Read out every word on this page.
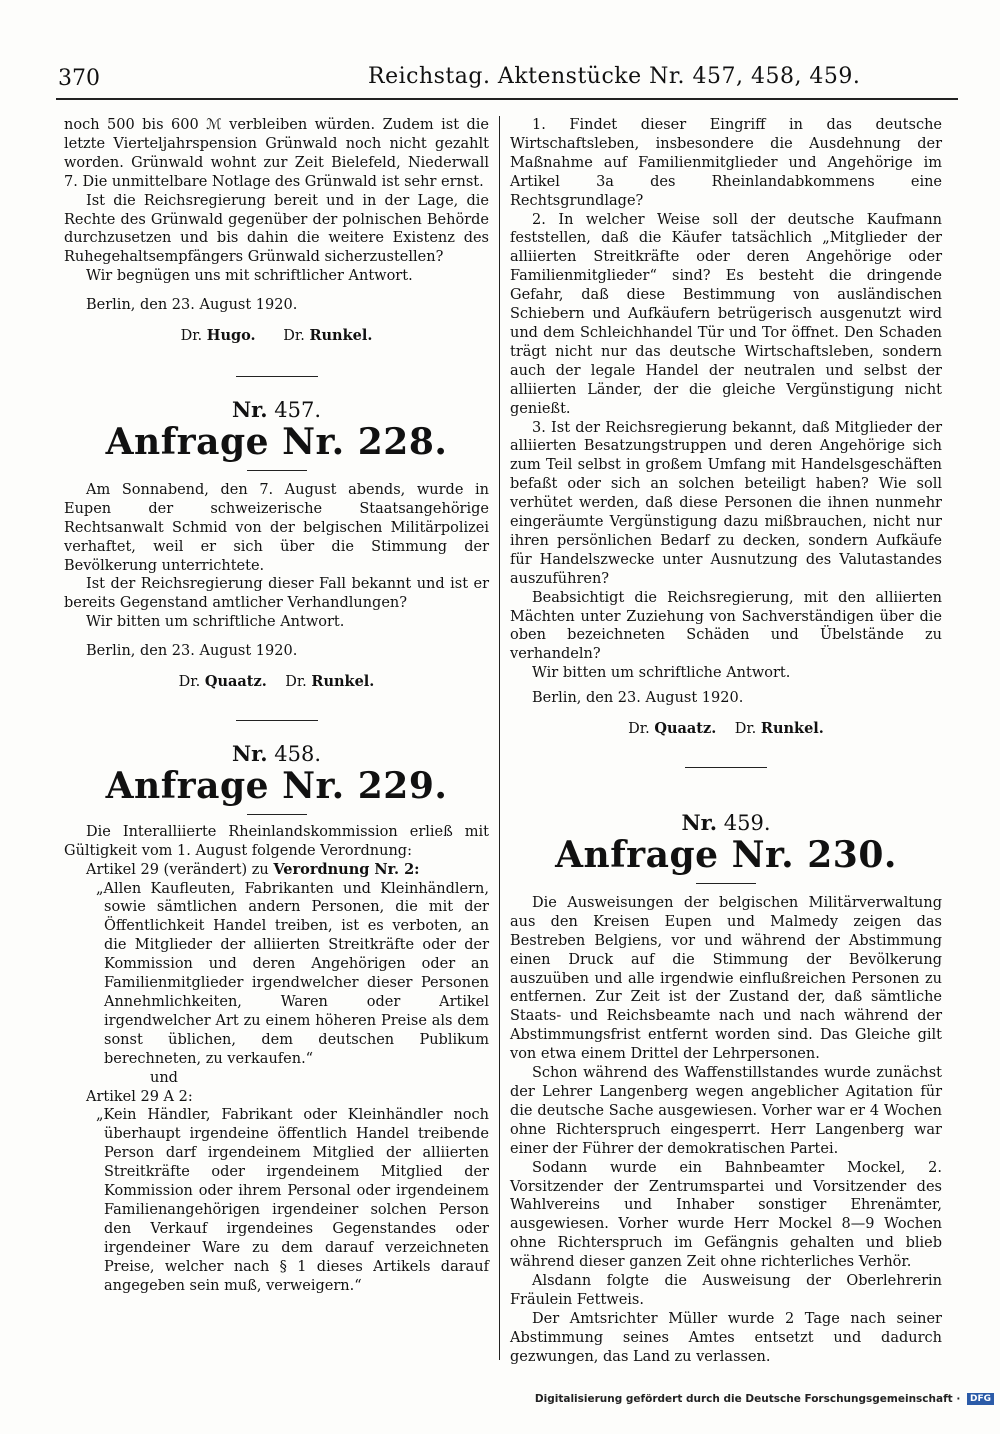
370	Reichstag. Aktenstücke Nr. 457, 458, 459.

noch 500 bis 600 ℳ verbleiben würden. Zudem ist die letzte Vierteljahrspension Grünwald noch nicht gezahlt worden. Grünwald wohnt zur Zeit Bielefeld, Niederwall 7. Die unmittelbare Notlage des Grünwald ist sehr ernst.

Ist die Reichsregierung bereit und in der Lage, die Rechte des Grünwald gegenüber der polnischen Behörde durchzusetzen und bis dahin die weitere Existenz des Ruhegehaltsempfängers Grünwald sicherzustellen?

Wir begnügen uns mit schriftlicher Antwort.

Berlin, den 23. August 1920.

Dr. Hugo. Dr. Runkel.

Nr. 457.

Anfrage Nr. 228.

Am Sonnabend, den 7. August abends, wurde in Eupen der schweizerische Staatsangehörige Rechtsanwalt Schmid von der belgischen Militärpolizei verhaftet, weil er sich über die Stimmung der Bevölkerung unterrichtete.

Ist der Reichsregierung dieser Fall bekannt und ist er bereits Gegenstand amtlicher Verhandlungen?

Wir bitten um schriftliche Antwort.

Berlin, den 23. August 1920.

Dr. Quaatz. Dr. Runkel.

Nr. 458.

Anfrage Nr. 229.

Die Interalliierte Rheinlandskommission erließ mit Gültigkeit vom 1. August folgende Verordnung:

Artikel 29 (verändert) zu Verordnung Nr. 2:

„Allen Kaufleuten, Fabrikanten und Kleinhändlern, sowie sämtlichen andern Personen, die mit der Öffentlichkeit Handel treiben, ist es verboten, an die Mitglieder der alliierten Streitkräfte oder der Kommission und deren Angehörigen oder an Familienmitglieder irgendwelcher dieser Personen Annehmlichkeiten, Waren oder Artikel irgendwelcher Art zu einem höheren Preise als dem sonst üblichen, dem deutschen Publikum berechneten, zu verkaufen.“

und

Artikel 29 A 2:

„Kein Händler, Fabrikant oder Kleinhändler noch überhaupt irgendeine öffentlich Handel treibende Person darf irgendeinem Mitglied der alliierten Streitkräfte oder irgendeinem Mitglied der Kommission oder ihrem Personal oder irgendeinem Familienangehörigen irgendeiner solchen Person den Verkauf irgendeines Gegenstandes oder irgendeiner Ware zu dem darauf verzeichneten Preise, welcher nach § 1 dieses Artikels darauf angegeben sein muß, verweigern.“

1. Findet dieser Eingriff in das deutsche Wirtschaftsleben, insbesondere die Ausdehnung der Maßnahme auf Familienmitglieder und Angehörige im Artikel 3a des Rheinlandabkommens eine Rechtsgrundlage?

2. In welcher Weise soll der deutsche Kaufmann feststellen, daß die Käufer tatsächlich „Mitglieder der alliierten Streitkräfte oder deren Angehörige oder Familienmitglieder“ sind? Es besteht die dringende Gefahr, daß diese Bestimmung von ausländischen Schiebern und Aufkäufern betrügerisch ausgenutzt wird und dem Schleichhandel Tür und Tor öffnet. Den Schaden trägt nicht nur das deutsche Wirtschaftsleben, sondern auch der legale Handel der neutralen und selbst der alliierten Länder, der die gleiche Vergünstigung nicht genießt.

3. Ist der Reichsregierung bekannt, daß Mitglieder der alliierten Besatzungstruppen und deren Angehörige sich zum Teil selbst in großem Umfang mit Handelsgeschäften befaßt oder sich an solchen beteiligt haben? Wie soll verhütet werden, daß diese Personen die ihnen nunmehr eingeräumte Vergünstigung dazu mißbrauchen, nicht nur ihren persönlichen Bedarf zu decken, sondern Aufkäufe für Handelszwecke unter Ausnutzung des Valutastandes auszuführen?

Beabsichtigt die Reichsregierung, mit den alliierten Mächten unter Zuziehung von Sachverständigen über die oben bezeichneten Schäden und Übelstände zu verhandeln?

Wir bitten um schriftliche Antwort.

Berlin, den 23. August 1920.

Dr. Quaatz. Dr. Runkel.

Nr. 459.

Anfrage Nr. 230.

Die Ausweisungen der belgischen Militärverwaltung aus den Kreisen Eupen und Malmedy zeigen das Bestreben Belgiens, vor und während der Abstimmung einen Druck auf die Stimmung der Bevölkerung auszuüben und alle irgendwie einflußreichen Personen zu entfernen. Zur Zeit ist der Zustand der, daß sämtliche Staats- und Reichsbeamte nach und nach während der Abstimmungsfrist entfernt worden sind. Das Gleiche gilt von etwa einem Drittel der Lehrpersonen.

Schon während des Waffenstillstandes wurde zunächst der Lehrer Langenberg wegen angeblicher Agitation für die deutsche Sache ausgewiesen. Vorher war er 4 Wochen ohne Richterspruch eingesperrt. Herr Langenberg war einer der Führer der demokratischen Partei.

Sodann wurde ein Bahnbeamter Mockel, 2. Vorsitzender der Zentrumspartei und Vorsitzender des Wahlvereins und Inhaber sonstiger Ehrenämter, ausgewiesen. Vorher wurde Herr Mockel 8—9 Wochen ohne Richterspruch im Gefängnis gehalten und blieb während dieser ganzen Zeit ohne richterliches Verhör.

Alsdann folgte die Ausweisung der Oberlehrerin Fräulein Fettweis.

Der Amtsrichter Müller wurde 2 Tage nach seiner Abstimmung seines Amtes entsetzt und dadurch gezwungen, das Land zu verlassen.

Digitalisierung gefördert durch die Deutsche Forschungsgemeinschaft · DFG
